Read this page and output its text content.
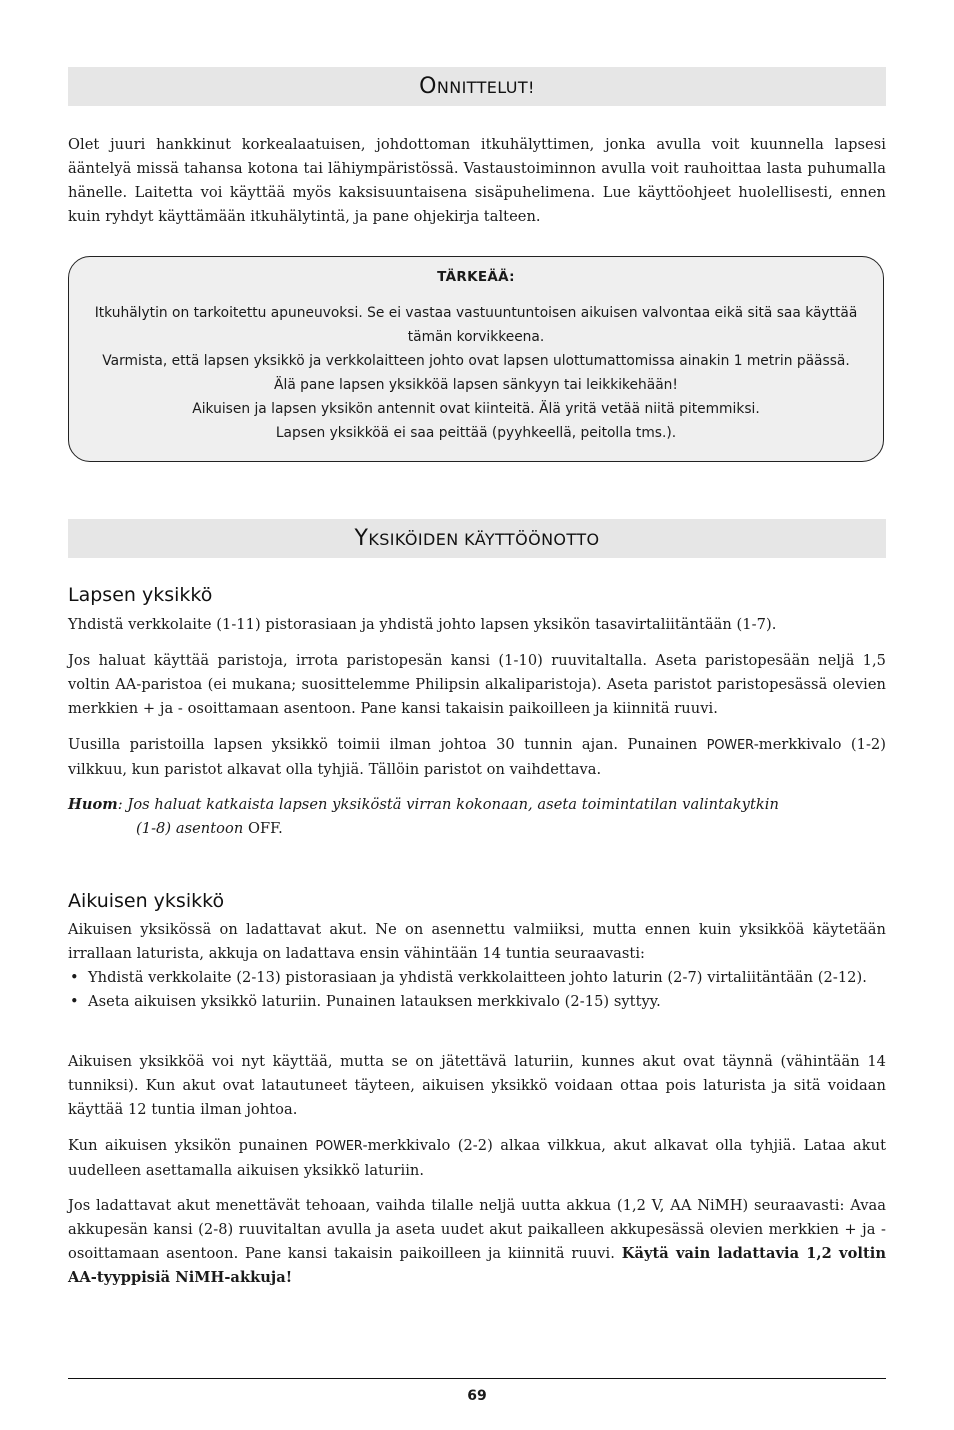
ONNITTELUT!

Olet juuri hankkinut korkealaatuisen, johdottoman itkuhälyttimen, jonka avulla voit kuunnella lapsesi ääntelyä missä tahansa kotona tai lähiympäristössä. Vastaustoiminnon avulla voit rauhoittaa lasta puhumalla hänelle. Laitetta voi käyttää myös kaksisuuntaisena sisäpuhelimena. Lue käyttöohjeet huolellisesti, ennen kuin ryhdyt käyttämään itkuhälytintä, ja pane ohjekirja talteen.

TÄRKEÄÄ:
Itkuhälytin on tarkoitettu apuneuvoksi. Se ei vastaa vastuuntuntoisen aikuisen valvontaa eikä sitä saa käyttää tämän korvikkeena.
Varmista, että lapsen yksikkö ja verkkolaitteen johto ovat lapsen ulottumattomissa ainakin 1 metrin päässä. Älä pane lapsen yksikköä lapsen sänkyyn tai leikkikehään!
Aikuisen ja lapsen yksikön antennit ovat kiinteitä. Älä yritä vetää niitä pitemmiksi.
Lapsen yksikköä ei saa peittää (pyyhkeellä, peitolla tms.).
YKSIKÖIDEN KÄYTTÖÖNOTTO
Lapsen yksikkö

Yhdistä verkkolaite (1-11) pistorasiaan ja yhdistä johto lapsen yksikön tasavirtaliitäntään (1-7).

Jos haluat käyttää paristoja, irrota paristopesän kansi (1-10) ruuvitaltalla. Aseta paristopesään neljä 1,5 voltin AA-paristoa (ei mukana; suosittelemme Philipsin alkaliparistoja). Aseta paristot paristopesässä olevien merkkien + ja - osoittamaan asentoon. Pane kansi takaisin paikoilleen ja kiinnitä ruuvi.

Uusilla paristoilla lapsen yksikkö toimii ilman johtoa 30 tunnin ajan. Punainen POWER-merkkivalo (1-2) vilkkuu, kun paristot alkavat olla tyhjiä. Tällöin paristot on vaihdettava.

Huom: Jos haluat katkaista lapsen yksiköstä virran kokonaan, aseta toimintatilan valintakytkin
(1-8) asentoon OFF.
Aikuisen yksikkö

Aikuisen yksikössä on ladattavat akut. Ne on asennettu valmiiksi, mutta ennen kuin yksikköä käytetään irrallaan laturista, akkuja on ladattava ensin vähintään 14 tuntia seuraavasti:

• Yhdistä verkkolaite (2-13) pistorasiaan ja yhdistä verkkolaitteen johto laturin (2-7) virtaliitäntään (2-12).
• Aseta aikuisen yksikkö laturiin. Punainen latauksen merkkivalo (2-15) syttyy.

Aikuisen yksikköä voi nyt käyttää, mutta se on jätettävä laturiin, kunnes akut ovat täynnä (vähintään 14 tunniksi). Kun akut ovat latautuneet täyteen, aikuisen yksikkö voidaan ottaa pois laturista ja sitä voidaan käyttää 12 tuntia ilman johtoa.

Kun aikuisen yksikön punainen POWER-merkkivalo (2-2) alkaa vilkkua, akut alkavat olla tyhjiä. Lataa akut uudelleen asettamalla aikuisen yksikkö laturiin.

Jos ladattavat akut menettävät tehoaan, vaihda tilalle neljä uutta akkua (1,2 V, AA NiMH) seuraavasti: Avaa akkupesän kansi (2-8) ruuvitaltan avulla ja aseta uudet akut paikalleen akkupesässä olevien merkkien + ja - osoittamaan asentoon. Pane kansi takaisin paikoilleen ja kiinnitä ruuvi. Käytä vain ladattavia 1,2 voltin AA-tyyppisiä NiMH-akkuja!

69
